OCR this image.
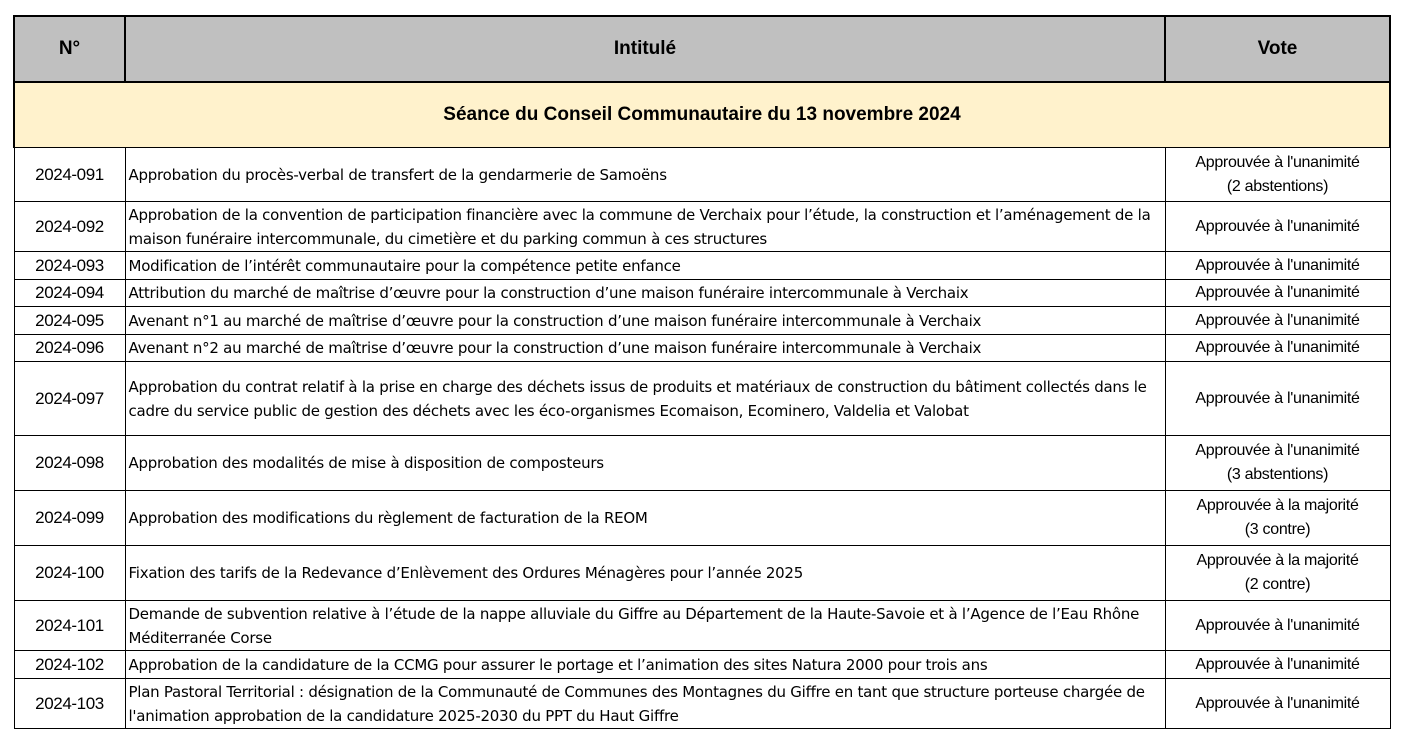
N°	Intitulé	Vote
Séance du Conseil Communautaire du 13 novembre 2024		
2024-091	Approbation du procès-verbal de transfert de la gendarmerie de Samoëns	Approuvée à l'unanimité
(2 abstentions)

2024-092	Approbation de la convention de participation financière avec la commune de Verchaix pour l’étude, la construction et l’aménagement de la maison funéraire intercommunale, du cimetière et du parking commun à ces structures	Approuvée à l'unanimité

2024-093	Modification de l’intérêt communautaire pour la compétence petite enfance	Approuvée à l'unanimité

2024-094	Attribution du marché de maîtrise d’œuvre pour la construction d’une maison funéraire intercommunale à Verchaix	Approuvée à l'unanimité

2024-095	Avenant n°1 au marché de maîtrise d’œuvre pour la construction d’une maison funéraire intercommunale à Verchaix	Approuvée à l'unanimité

2024-096	Avenant n°2 au marché de maîtrise d’œuvre pour la construction d’une maison funéraire intercommunale à Verchaix	Approuvée à l'unanimité

2024-097	Approbation du contrat relatif à la prise en charge des déchets issus de produits et matériaux de construction du bâtiment collectés dans le cadre du service public de gestion des déchets avec les éco-organismes Ecomaison, Ecominero, Valdelia et Valobat	Approuvée à l'unanimité

2024-098	Approbation des modalités de mise à disposition de composteurs	Approuvée à l'unanimité
(3 abstentions)

2024-099	Approbation des modifications du règlement de facturation de la REOM	Approuvée à la majorité
(3 contre)

2024-100	Fixation des tarifs de la Redevance d’Enlèvement des Ordures Ménagères pour l’année 2025	Approuvée à la majorité
(2 contre)

2024-101	Demande de subvention relative à l’étude de la nappe alluviale du Giffre au Département de la Haute-Savoie et à l’Agence de l’Eau Rhône Méditerranée Corse	Approuvée à l'unanimité

2024-102	Approbation de la candidature de la CCMG pour assurer le portage et l’animation des sites Natura 2000 pour trois ans	Approuvée à l'unanimité

2024-103	Plan Pastoral Territorial : désignation de la Communauté de Communes des Montagnes du Giffre en tant que structure porteuse chargée de l'animation approbation de la candidature 2025-2030 du PPT du Haut Giffre	Approuvée à l'unanimité
